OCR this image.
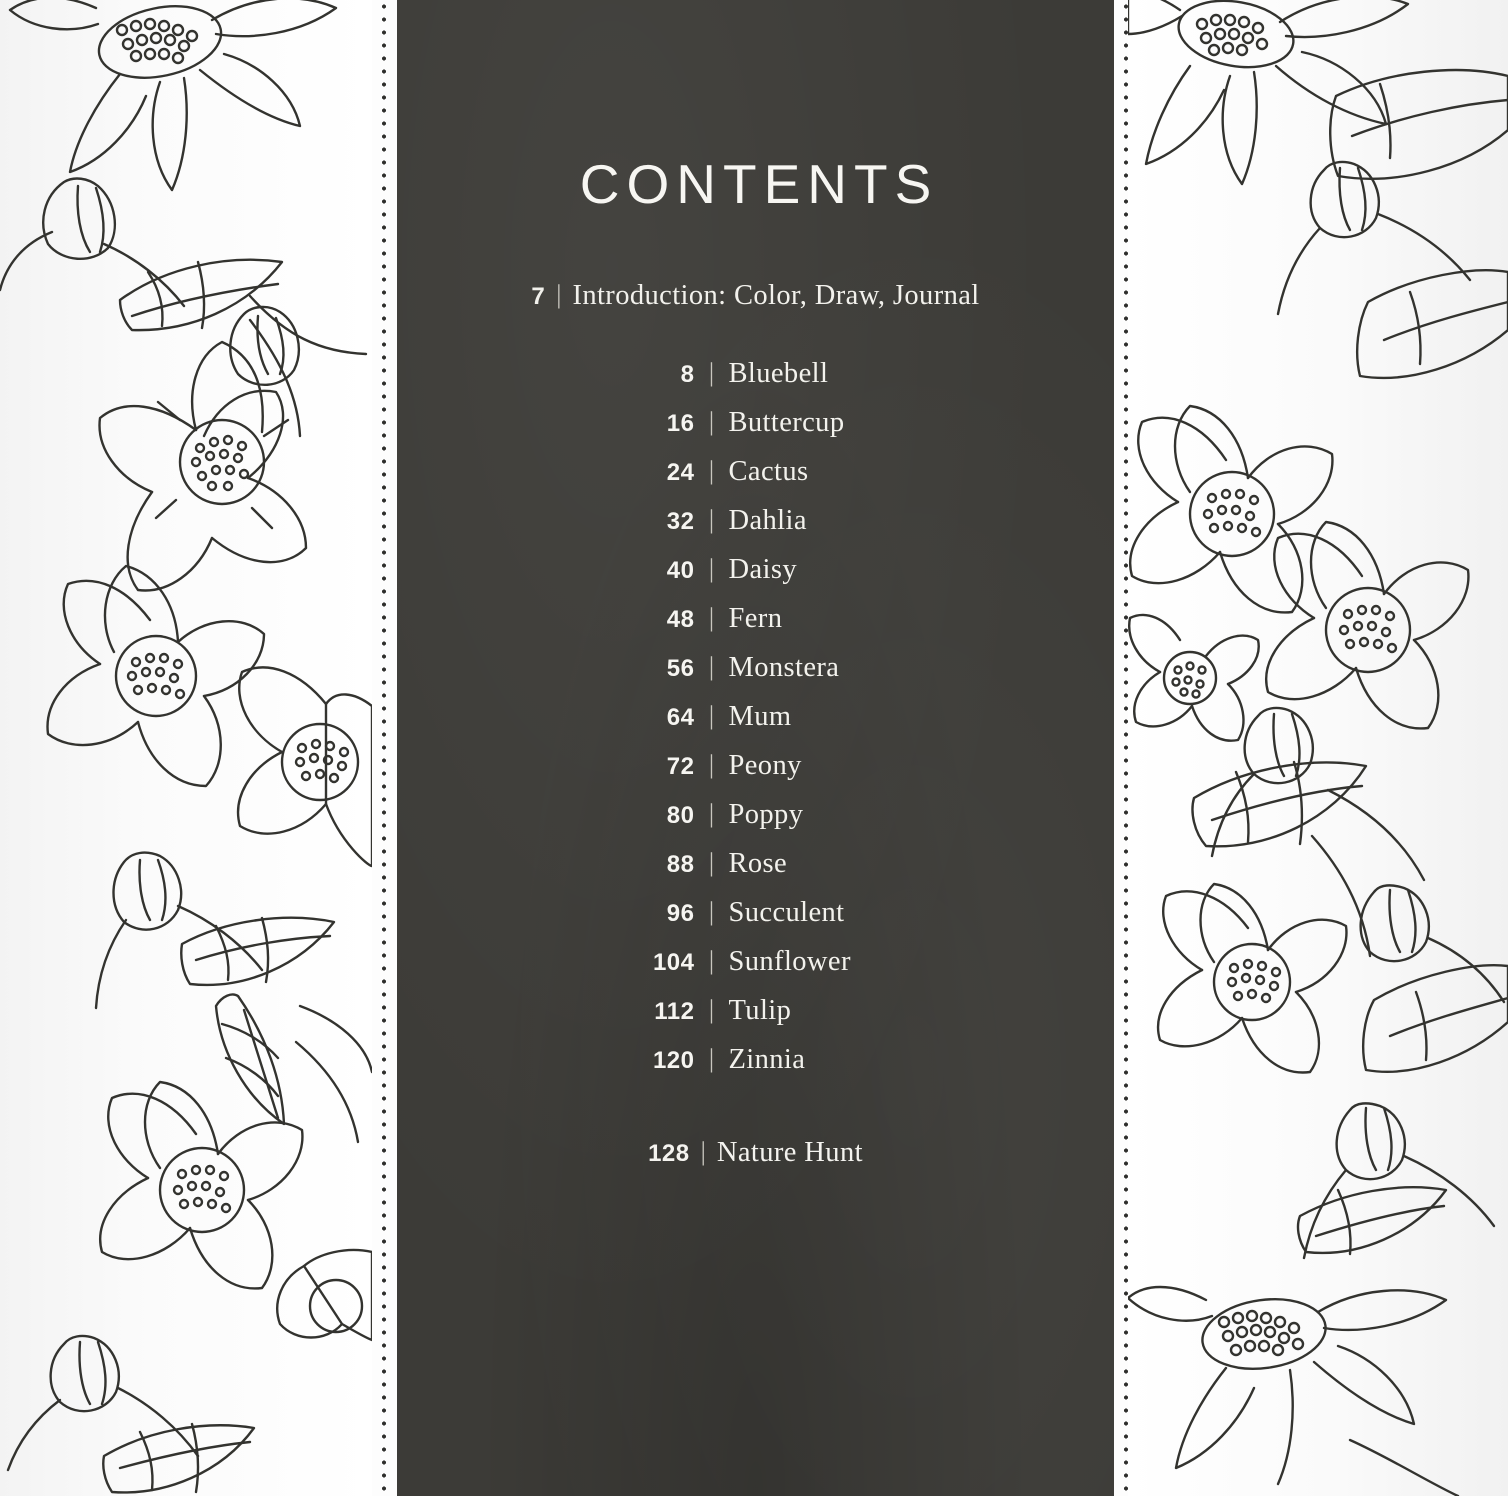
CONTENTS
7 | Introduction: Color, Draw, Journal
8 | Bluebell
16 | Buttercup
24 | Cactus
32 | Dahlia
40 | Daisy
48 | Fern
56 | Monstera
64 | Mum
72 | Peony
80 | Poppy
88 | Rose
96 | Succulent
104 | Sunflower
112 | Tulip
120 | Zinnia
128 | Nature Hunt
